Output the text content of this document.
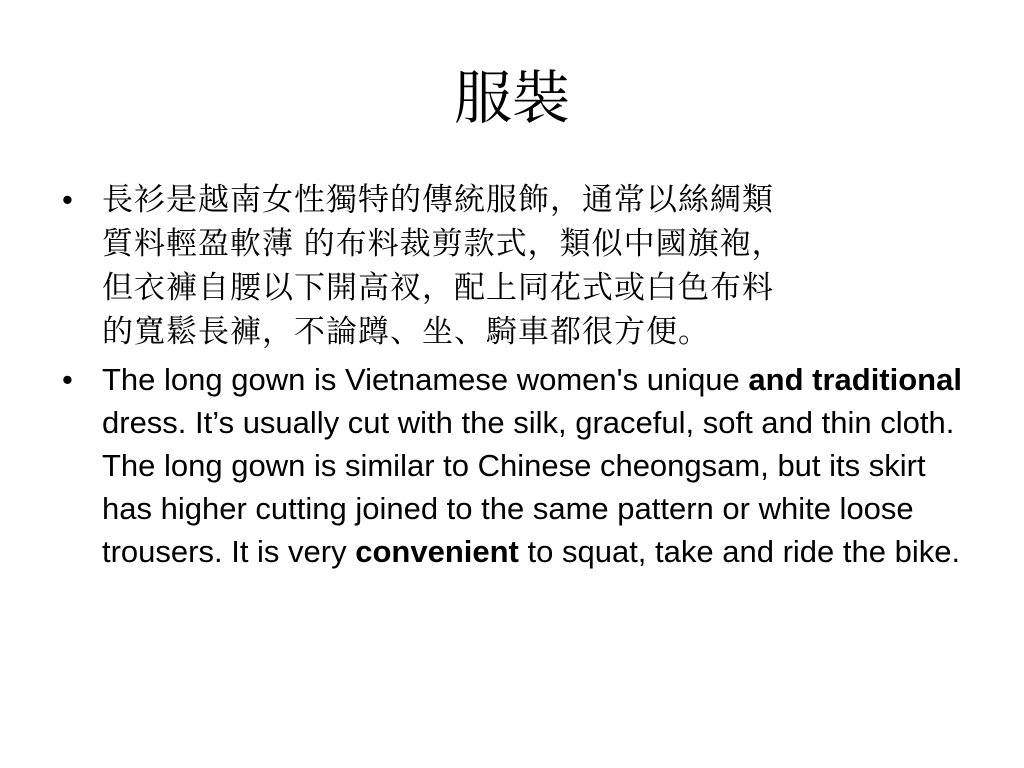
服裝
• 長衫是越南女性獨特的傳統服飾，通常以絲綢類
質料輕盈軟薄 的布料裁剪款式，類似中國旗袍，
但衣褲自腰以下開高衩，配上同花式或白色布料
的寬鬆長褲，不論蹲、坐、騎車都很方便。
• The long gown is Vietnamese women's unique and traditional dress. It’s usually cut with the silk, graceful, soft and thin cloth. The long gown is similar to Chinese cheongsam, but its skirt has higher cutting joined to the same pattern or white loose trousers. It is very convenient to squat, take and ride the bike.
